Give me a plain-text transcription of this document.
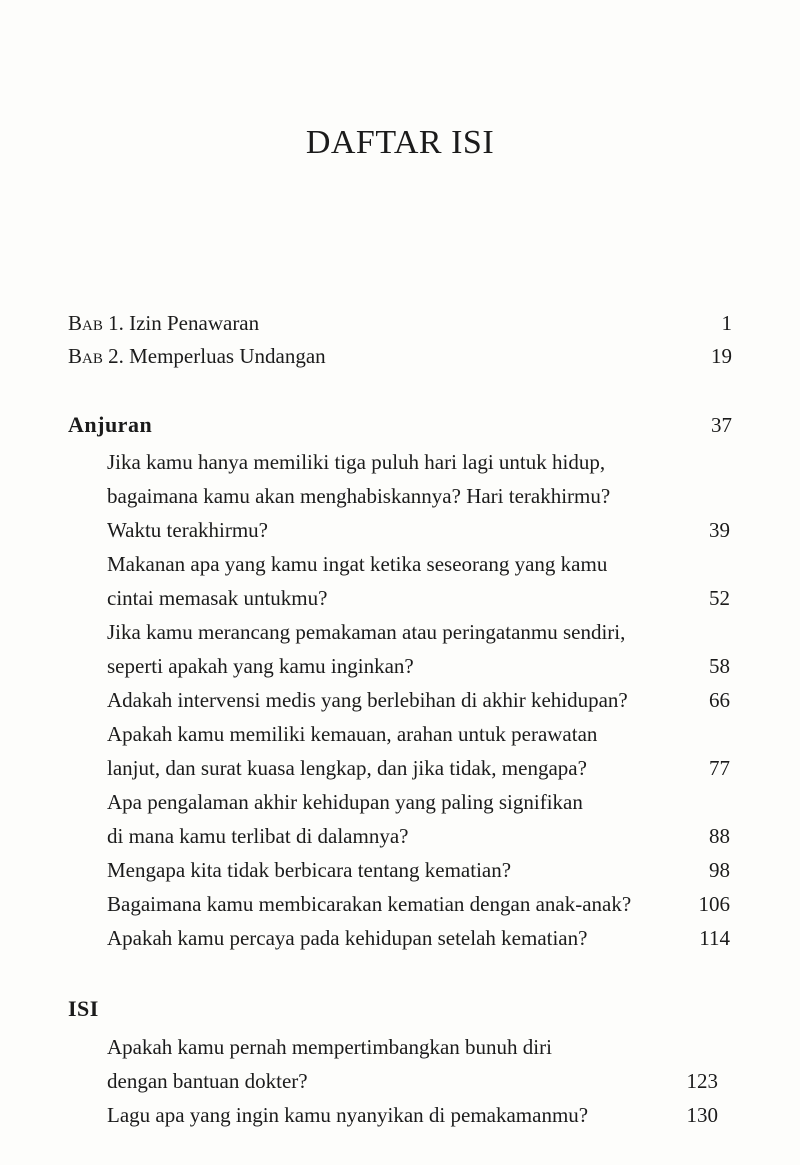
DAFTAR ISI
Bab 1. Izin Penawaran	1
Bab 2. Memperluas Undangan	19
Anjuran	37
Jika kamu hanya memiliki tiga puluh hari lagi untuk hidup,
bagaimana kamu akan menghabiskannya? Hari terakhirmu?
Waktu terakhirmu?	39
Makanan apa yang kamu ingat ketika seseorang yang kamu
cintai memasak untukmu?	52
Jika kamu merancang pemakaman atau peringatanmu sendiri,
seperti apakah yang kamu inginkan?	58
Adakah intervensi medis yang berlebihan di akhir kehidupan?	66
Apakah kamu memiliki kemauan, arahan untuk perawatan
lanjut, dan surat kuasa lengkap, dan jika tidak, mengapa?	77
Apa pengalaman akhir kehidupan yang paling signifikan
di mana kamu terlibat di dalamnya?	88
Mengapa kita tidak berbicara tentang kematian?	98
Bagaimana kamu membicarakan kematian dengan anak-anak?	106
Apakah kamu percaya pada kehidupan setelah kematian?	114
ISI
Apakah kamu pernah mempertimbangkan bunuh diri
dengan bantuan dokter?	123
Lagu apa yang ingin kamu nyanyikan di pemakamanmu?	130
